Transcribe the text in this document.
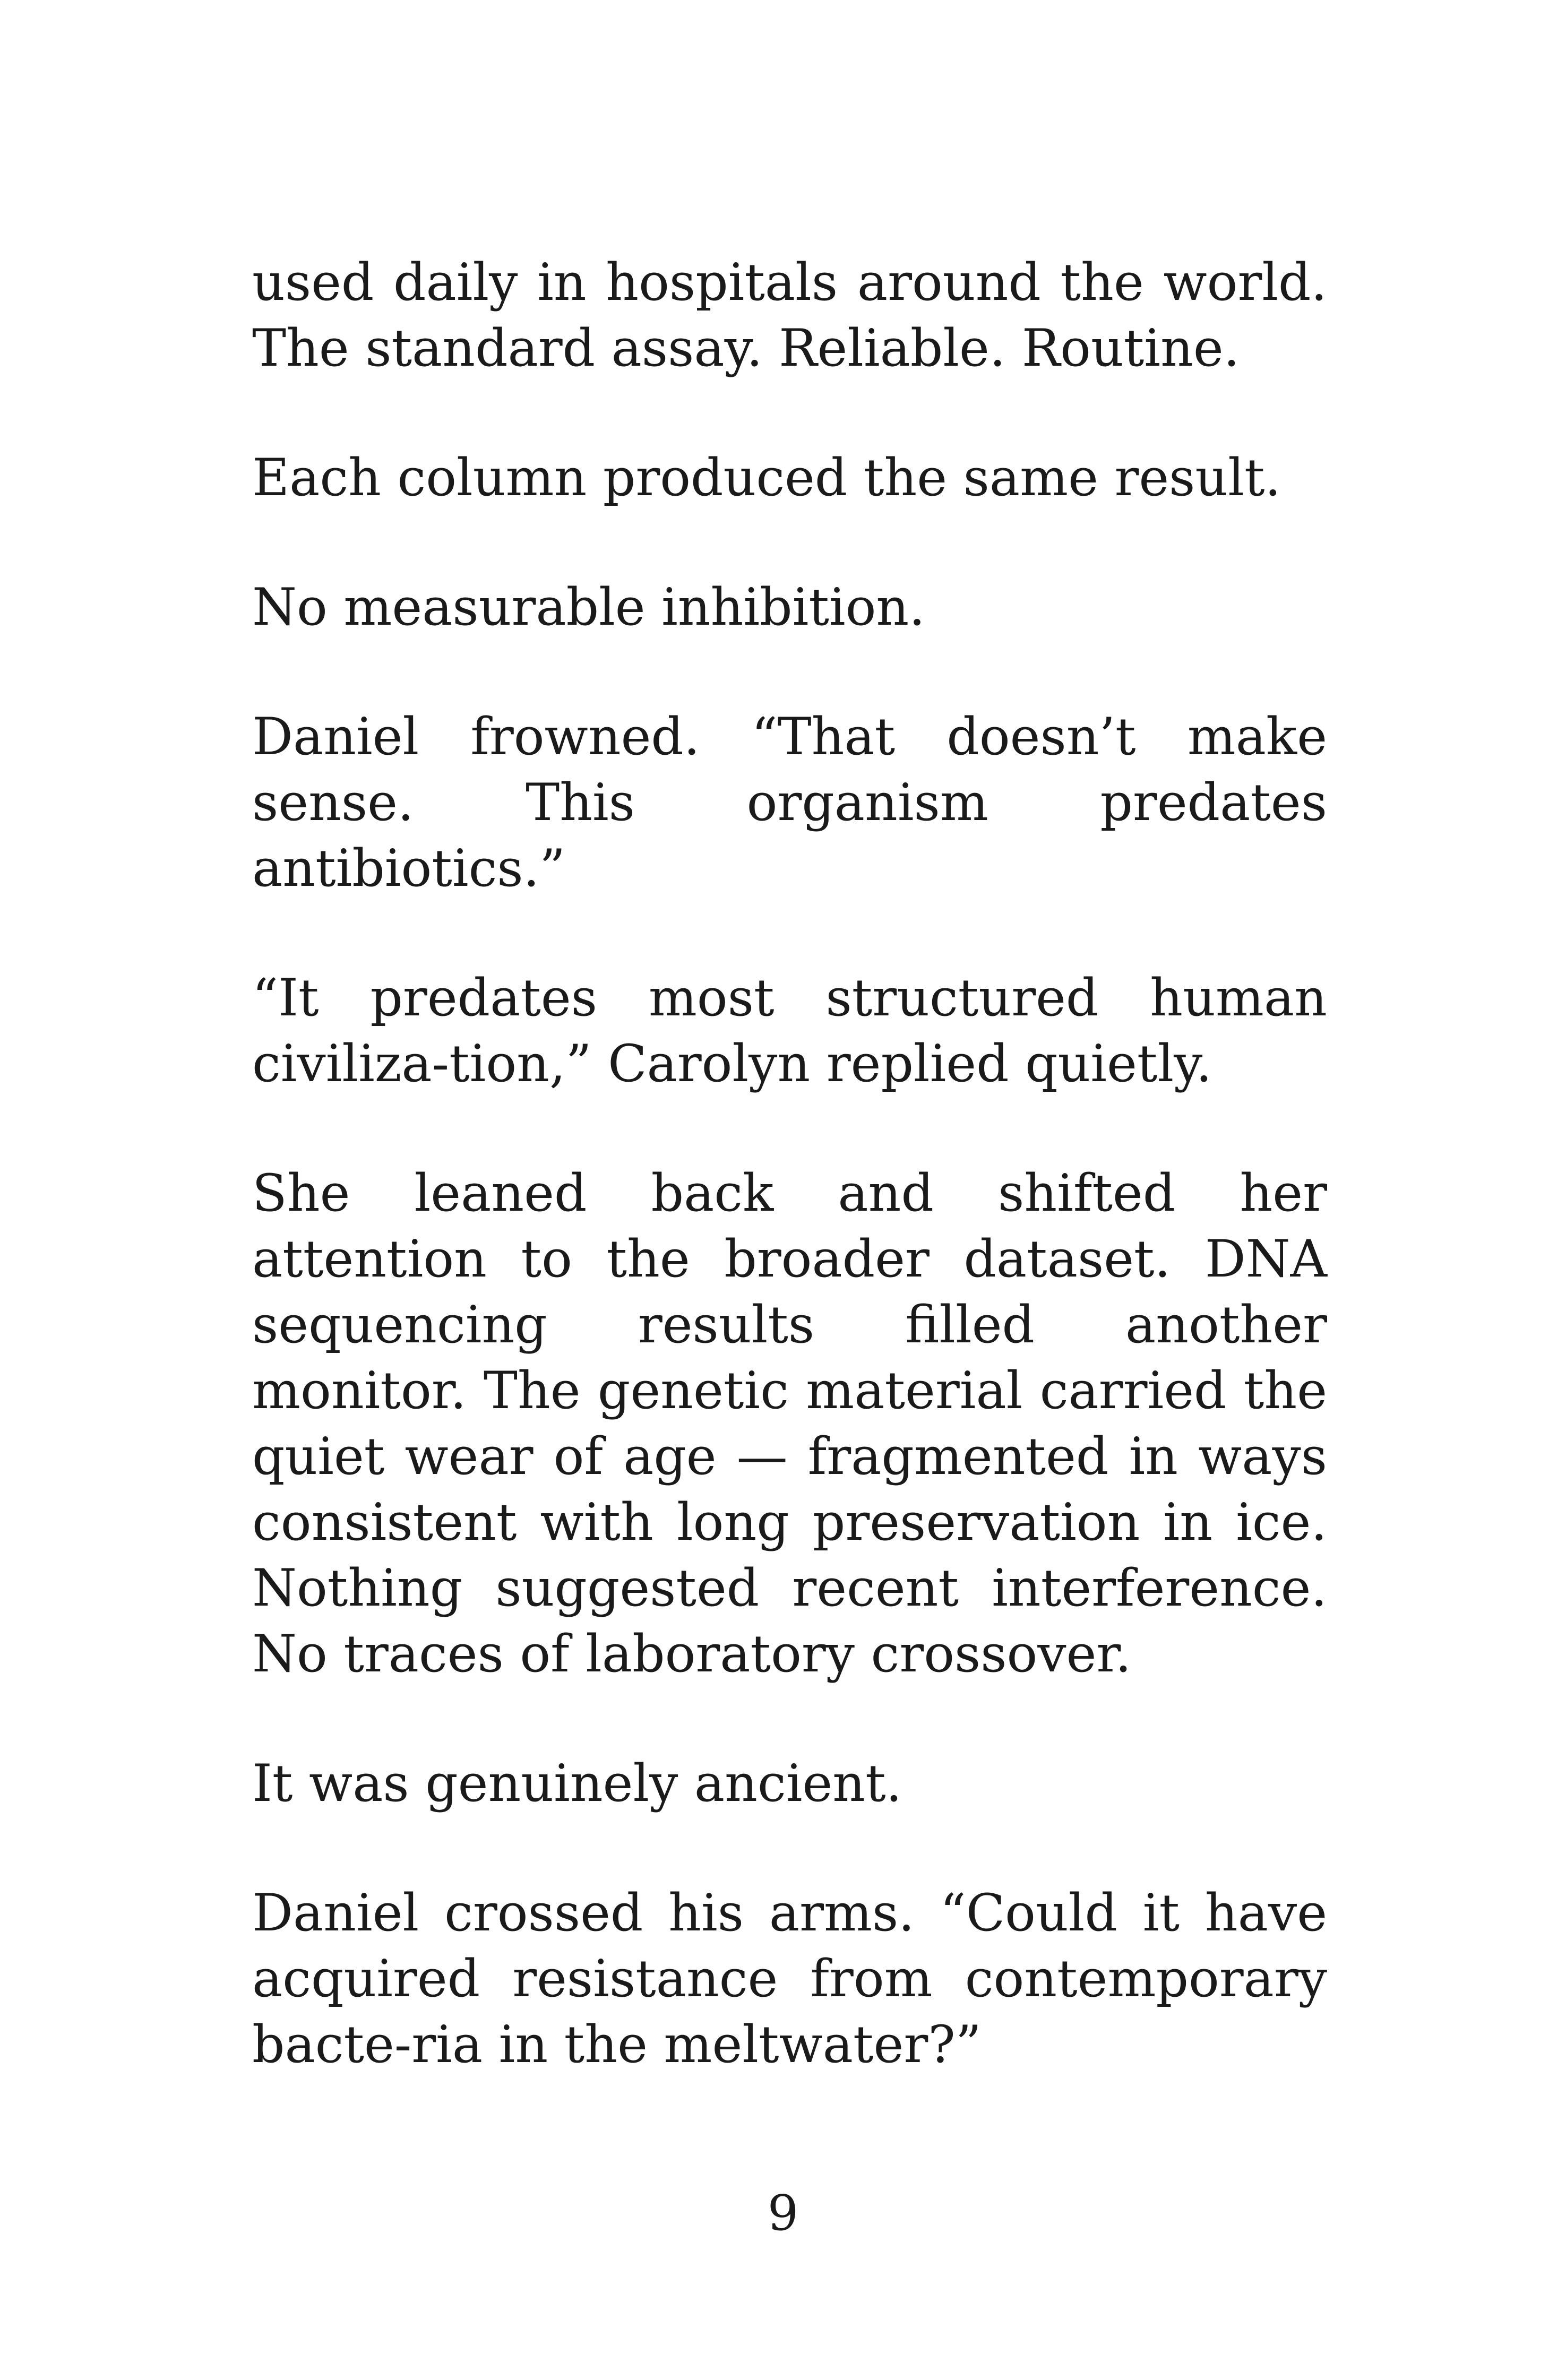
used daily in hospitals around the world. The standard assay. Reliable. Routine.

Each column produced the same result.

No measurable inhibition.

Daniel frowned. “That doesn’t make sense. This organism predates antibiotics.”

“It predates most structured human civiliza-tion,” Carolyn replied quietly.

She leaned back and shifted her attention to the broader dataset. DNA sequencing results filled another monitor. The genetic material carried the quiet wear of age — fragmented in ways consistent with long preservation in ice. Nothing suggested recent interference. No traces of laboratory crossover.

It was genuinely ancient.

Daniel crossed his arms. “Could it have acquired resistance from contemporary bacte-ria in the meltwater?”

9
